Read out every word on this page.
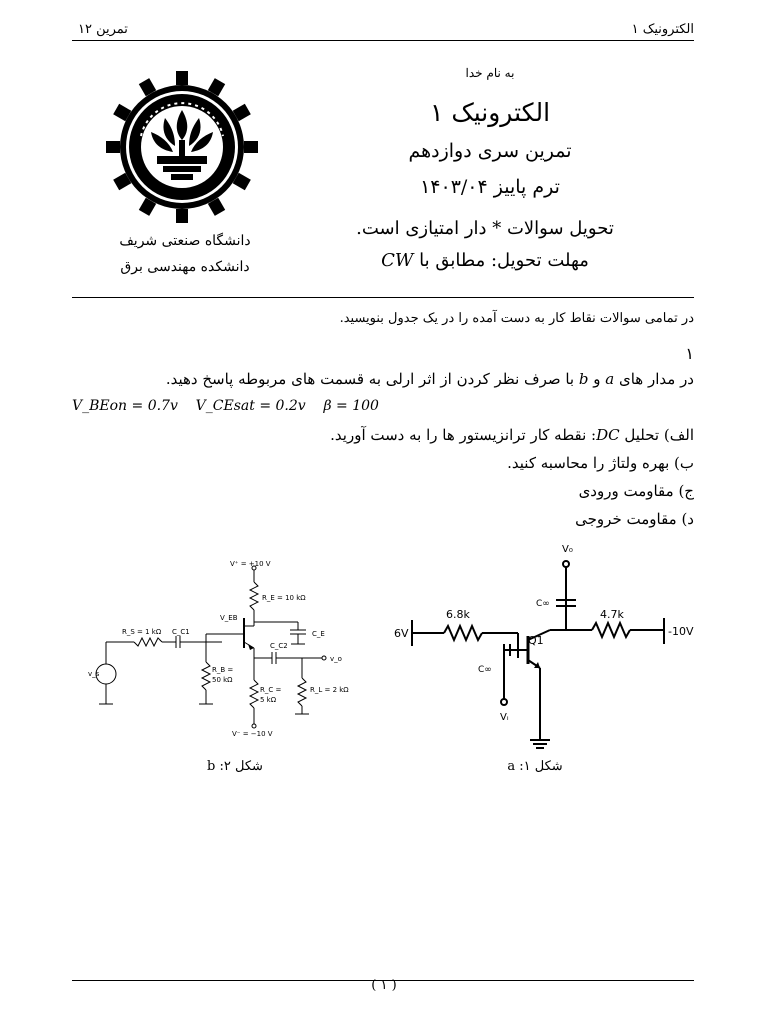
الکترونیک ۱
تمرین ۱۲
به نام خدا
الکترونیک ۱
تمرین سری دوازدهم
ترم پاییز ۱۴۰۳/۰۴
تحویل سوالات * دار امتیازی است.
مهلت تحویل: مطابق با CW
دانشگاه صنعتی شریف
دانشکده مهندسی برق
در تمامی سوالات نقاط کار به دست آمده را در یک جدول بنویسید.
۱
در مدار های a و b با صرف نظر کردن از اثر ارلی به قسمت های مربوطه پاسخ دهید.
V_BEon = 0.7v    V_CEsat = 0.2v    β = 100
الف) تحلیل DC: نقطه کار ترانزیستور ها را به دست آورید.
ب) بهره ولتاژ را محاسبه کنید.
ج) مقاومت ورودی
د) مقاومت خروجی
V₀
C∞
6.8k	4.7k
6V	-10V
Q1
C∞
Vᵢ
شکل ۱: a
V⁺ = +10 V
R_E = 10 kΩ
V_EB
C_E
R_S = 1 kΩ C_C1
C_C2
v_s	R_B =
50 kΩ
R_C =
5 kΩ
R_L = 2 kΩ
v_o
V⁻ = −10 V
شکل ۲: b
( ۱ )
